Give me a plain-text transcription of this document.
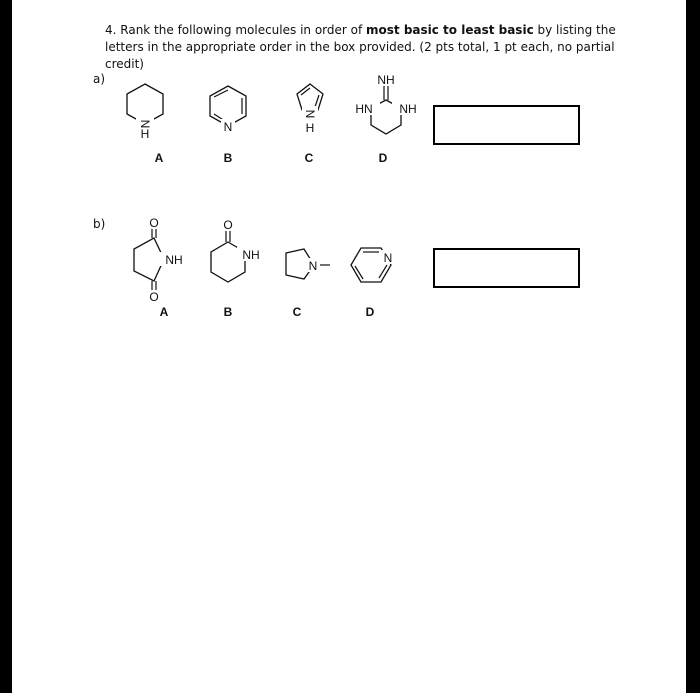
4. Rank the following molecules in order of most basic to least basic by listing the letters in the appropriate order in the box provided. (2 pts total, 1 pt each, no partial credit)
a)
N
H
A
N
B
N
H
C
NH
HN NH
D
b)	O
NH
O
A
O
NH
B
N
C
N
D
